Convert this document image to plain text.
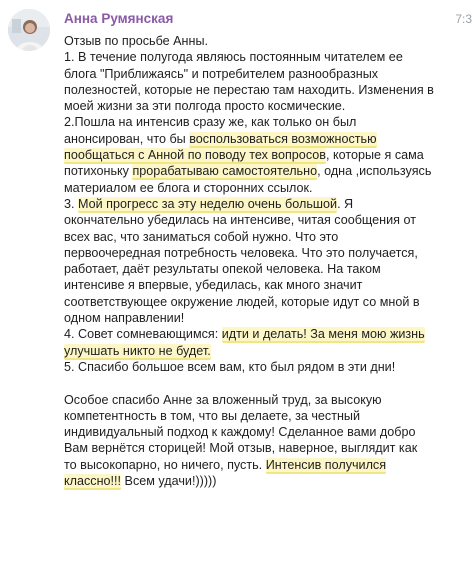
Анна Румянская	7:3
Отзыв по просьбе Анны.
1. В течение полугода являюсь постоянным читателем ее
блога "Приближаясь" и потребителем разнообразных
полезностей, которые не перестаю там находить. Изменения в
моей жизни за эти полгода просто космические.
2.Пошла на интенсив сразу же, как только он был
анонсирован, что бы воспользоваться возможностью
пообщаться с Анной по поводу тех вопросов, которые я сама
потихоньку прорабатываю самостоятельно, одна ,используясь
материалом ее блога и сторонних ссылок.
3. Мой прогресс за эту неделю очень большой. Я
окончательно убедилась на интенсиве, читая сообщения от
всех вас, что заниматься собой нужно. Что это
первоочередная потребность человека. Что это получается,
работает, даёт результаты опекой человека. На таком
интенсиве я впервые, убедилась, как много значит
соответствующее окружение людей, которые идут со мной в
одном направлении!
4. Совет сомневающимся: идти и делать! За меня мою жизнь
улучшать никто не будет.
5. Спасибо большое всем вам, кто был рядом в эти дни!
Особое спасибо Анне за вложенный труд, за высокую
компетентность в том, что вы делаете, за честный
индивидуальный подход к каждому! Сделанное вами добро
Вам вернётся сторицей! Мой отзыв, наверное, выглядит как
то высокопарно, но ничего, пусть. Интенсив получился
классно!!! Всем удачи!)))))
